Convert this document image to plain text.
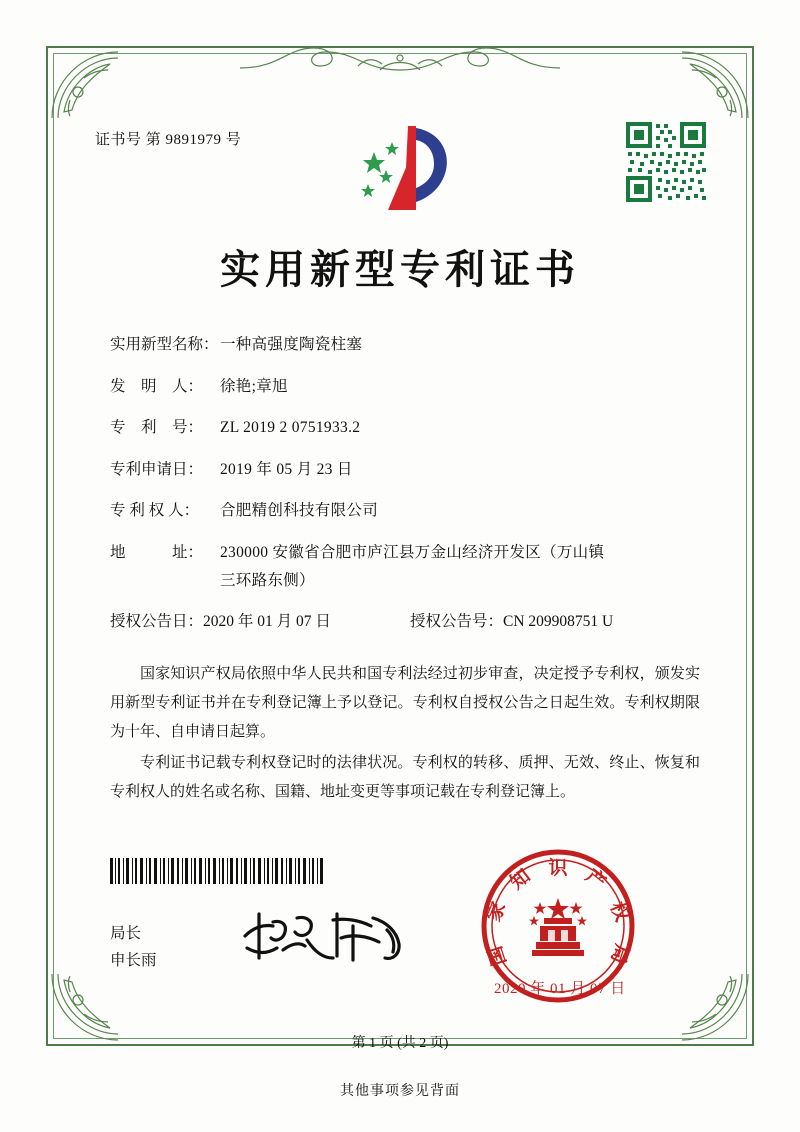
证书号 第 9891979 号
实用新型专利证书
实用新型名称： 一种高强度陶瓷柱塞
发　明　人：	徐艳;章旭
专　利　号：	ZL 2019 2 0751933.2
专利申请日：	2019 年 05 月 23 日
专 利 权 人：	合肥精创科技有限公司
地　　　址：	230000 安徽省合肥市庐江县万金山经济开发区（万山镇
三环路东侧）
授权公告日：2020 年 01 月 07 日	授权公告号：CN 209908751 U

国家知识产权局依照中华人民共和国专利法经过初步审查，决定授予专利权，颁发实用新型专利证书并在专利登记簿上予以登记。专利权自授权公告之日起生效。专利权期限为十年、自申请日起算。

专利证书记载专利权登记时的法律状况。专利权的转移、质押、无效、终止、恢复和专利权人的姓名或名称、国籍、地址变更等事项记载在专利登记簿上。

局长
申长雨
识
知 产
家	权
国	局
2020 年 01 月 07 日
第 1 页 (共 2 页)
其他事项参见背面
